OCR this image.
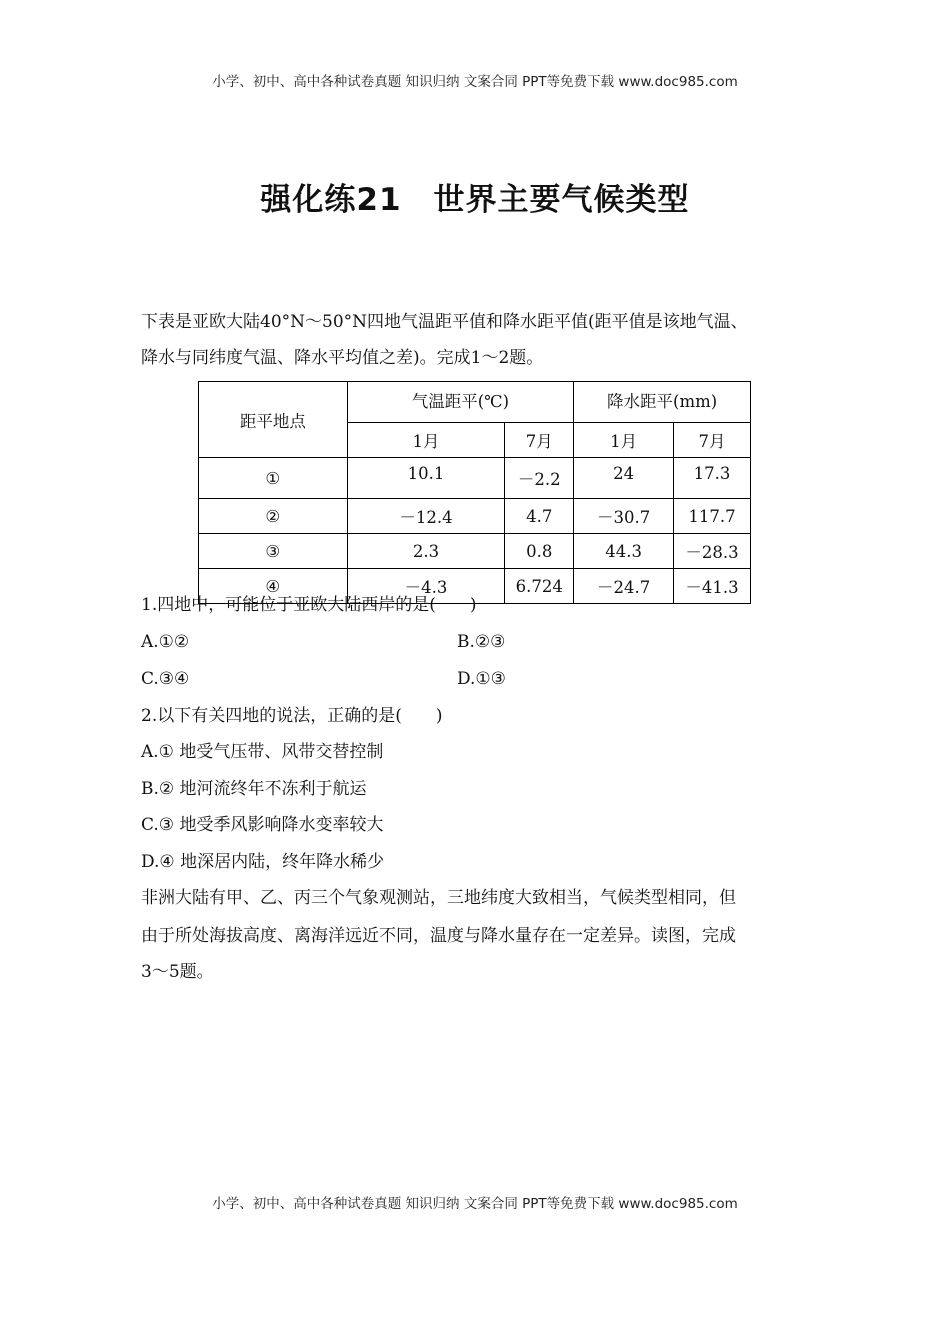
小学、初中、高中各种试卷真题 知识归纳 文案合同 PPT等免费下载 www.doc985.com
强化练21　世界主要气候类型
下表是亚欧大陆40°N～50°N四地气温距平值和降水距平值(距平值是该地气温、
降水与同纬度气温、降水平均值之差)。完成1～2题。
距平地点	气温距平(℃)		降水距平(mm)	
	1月	7月	1月	7月
①	10.1	－2.2	24	17.3
②	－12.4	4.7	－30.7	117.7
③	2.3	0.8	44.3	－28.3
④	－4.3	6.724	－24.7	－41.3
1.四地中，可能位于亚欧大陆西岸的是(　　)
A.①②	B.②③
C.③④	D.①③
2.以下有关四地的说法，正确的是(　　)
A.① 地受气压带、风带交替控制
B.② 地河流终年不冻利于航运
C.③ 地受季风影响降水变率较大
D.④ 地深居内陆，终年降水稀少
非洲大陆有甲、乙、丙三个气象观测站，三地纬度大致相当，气候类型相同，但
由于所处海拔高度、离海洋远近不同，温度与降水量存在一定差异。读图，完成
3～5题。
小学、初中、高中各种试卷真题 知识归纳 文案合同 PPT等免费下载 www.doc985.com
